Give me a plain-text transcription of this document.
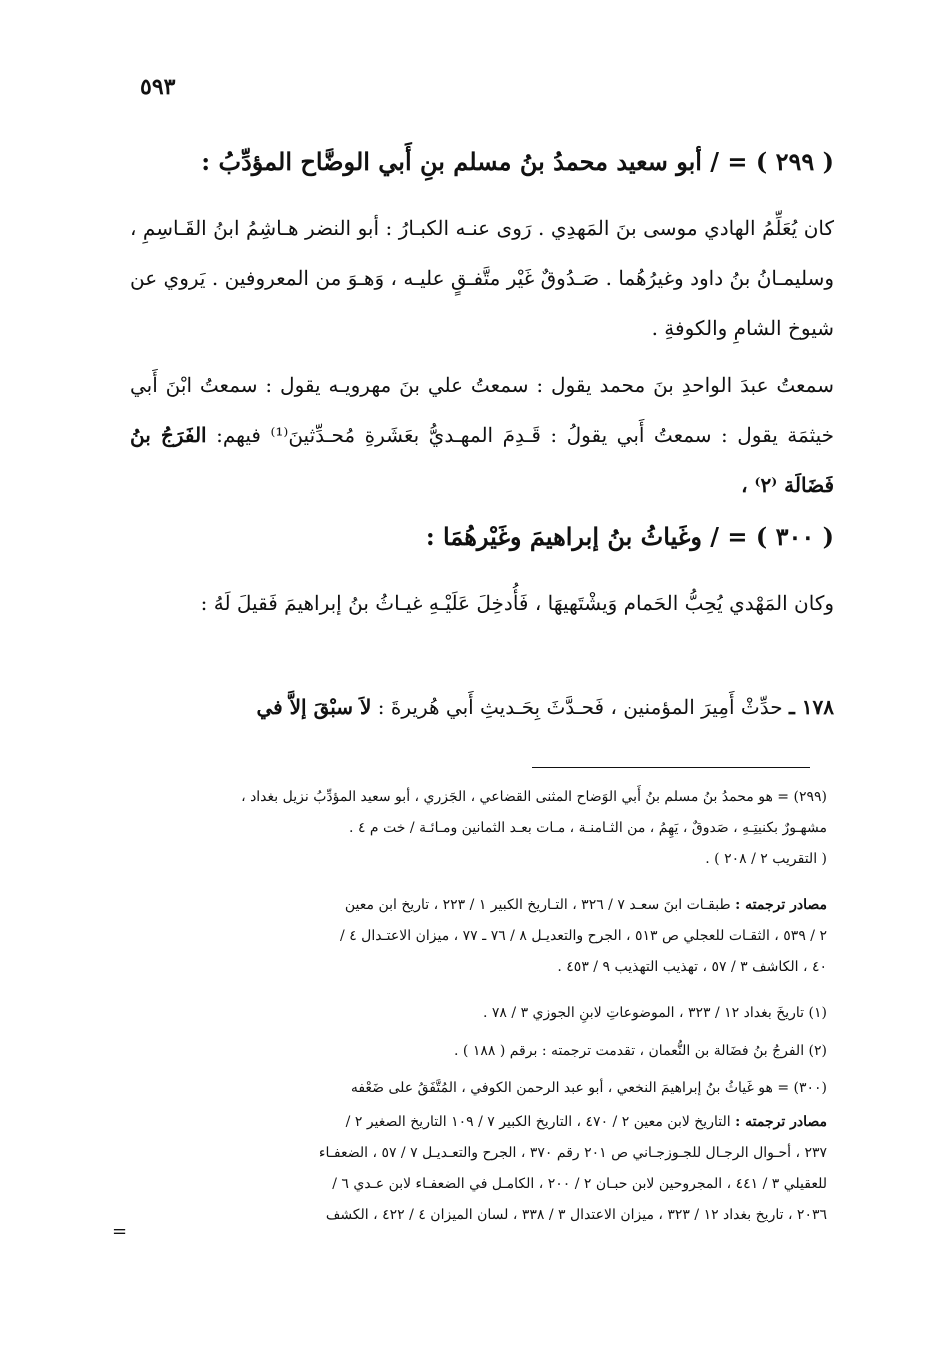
٥٩٣
( ٢٩٩ ) = / أبو سعيد محمدُ بنُ مسلم بنِ أَبي الوضَّاح المؤدِّبُ :
كان يُعَلِّمُ الهادي موسى بنَ المَهدِي . رَوى عنـه الكبـارُ : أبو النضر هـاشِمُ ابنُ القَـاسِمِ ، وسليمـانُ بنُ داود وغيرُهُما . صَـدُوقٌ غَيْر متَّفـقٍ عليـه ، وَهـوَ من المعروفين . يَروي عن شيوخ الشامِ والكوفةِ .
سمعتُ عبدَ الواحدِ بنَ محمد يقول : سمعتُ علي بنَ مهرويـه يقول : سمعتُ ابْنَ أَبي خيثمَة يقول : سمعتُ أَبي يقولُ : قَـدِمَ المهـديُّ بعَشَرةِ مُحـدِّثينَ⁽¹⁾ فيهم: الفَرَجُ بنُ فَضَالَة ⁽٢⁾ ،
( ٣٠٠ ) = / وغَياثُ بنُ إبراهيمَ وغَيْرهُمَا :
وكان المَهْدي يُحِبُّ الحَمام وَيشْتَهيهَا ، فَأُدخِلَ عَلَيْـهِ غيـاثُ بنُ إبراهيمَ فَقيلَ لَهُ :
١٧٨ ـ حدِّثْ أَمِيرَ المؤمنين ، فَحـدَّثَ بِحَـديثِ أَبي هُريرةَ : لاَ سبْقَ إلاَّ في
(٢٩٩) = هو محمدُ بنُ مسلم بنُ أَبي الوَضاح المثنى القضاعي ، الجَزري ، أبو سعيد المؤدِّبُ نزيل بغداد ،
مشهـورٌ بكنيتِـهِ ، صَدوقٌ ، يَهِمُ ، من الثـامنـة ، مـات بعـد الثمانين ومـائـة / خت م ٤ .
( التقريب ٢ / ٢٠٨ ) .
مصادر ترجمته : طبقـات ابنَ سعـد ٧ / ٣٢٦ ، التـاريخ الكبير ١ / ٢٢٣ ، تاريخ ابن معين
٢ / ٥٣٩ ، الثقـات للعجلي ص ٥١٣ ، الجرح والتعديـل ٨ / ٧٦ ـ ٧٧ ، ميزان الاعتـدال ٤ /
٤٠ ، الكاشف ٣ / ٥٧ ، تهذيب التهذيب ٩ / ٤٥٣ .
(١) تاريخَ بغداد ١٢ / ٣٢٣ ، الموضوعاتِ لابنِ الجوزي ٣ / ٧٨ .
(٢) الفرجُ بنُ فضَالة بن النُّعمان ، تقدمت ترجمته : برقم ( ١٨٨ ) .
(٣٠٠) = هو غَياثُ بنُ إبراهيمَ النخعي ، أبو عبد الرحمن الكوفي ، المُتَّفَقُ على ضَعْفه
مصادر ترجمته : التاريخ لابن معين ٢ / ٤٧٠ ، التاريخ الكبير ٧ / ١٠٩ التاريخ الصغير ٢ /
٢٣٧ ، أحـوال الرجـال للجـوزجـاني ص ٢٠١ رقم ٣٧٠ ، الجرح والتعـديـل ٧ / ٥٧ ، الضعفـاء
للعقيلي ٣ / ٤٤١ ، المجروحين لابن حبـان ٢ / ٢٠٠ ، الكامـل في الضعفـاء لابن عـدي ٦ /
٢٠٣٦ ، تاريخ بغداد ١٢ / ٣٢٣ ، ميزان الاعتدال ٣ / ٣٣٨ ، لسان الميزان ٤ / ٤٢٢ ، الكشف
=
